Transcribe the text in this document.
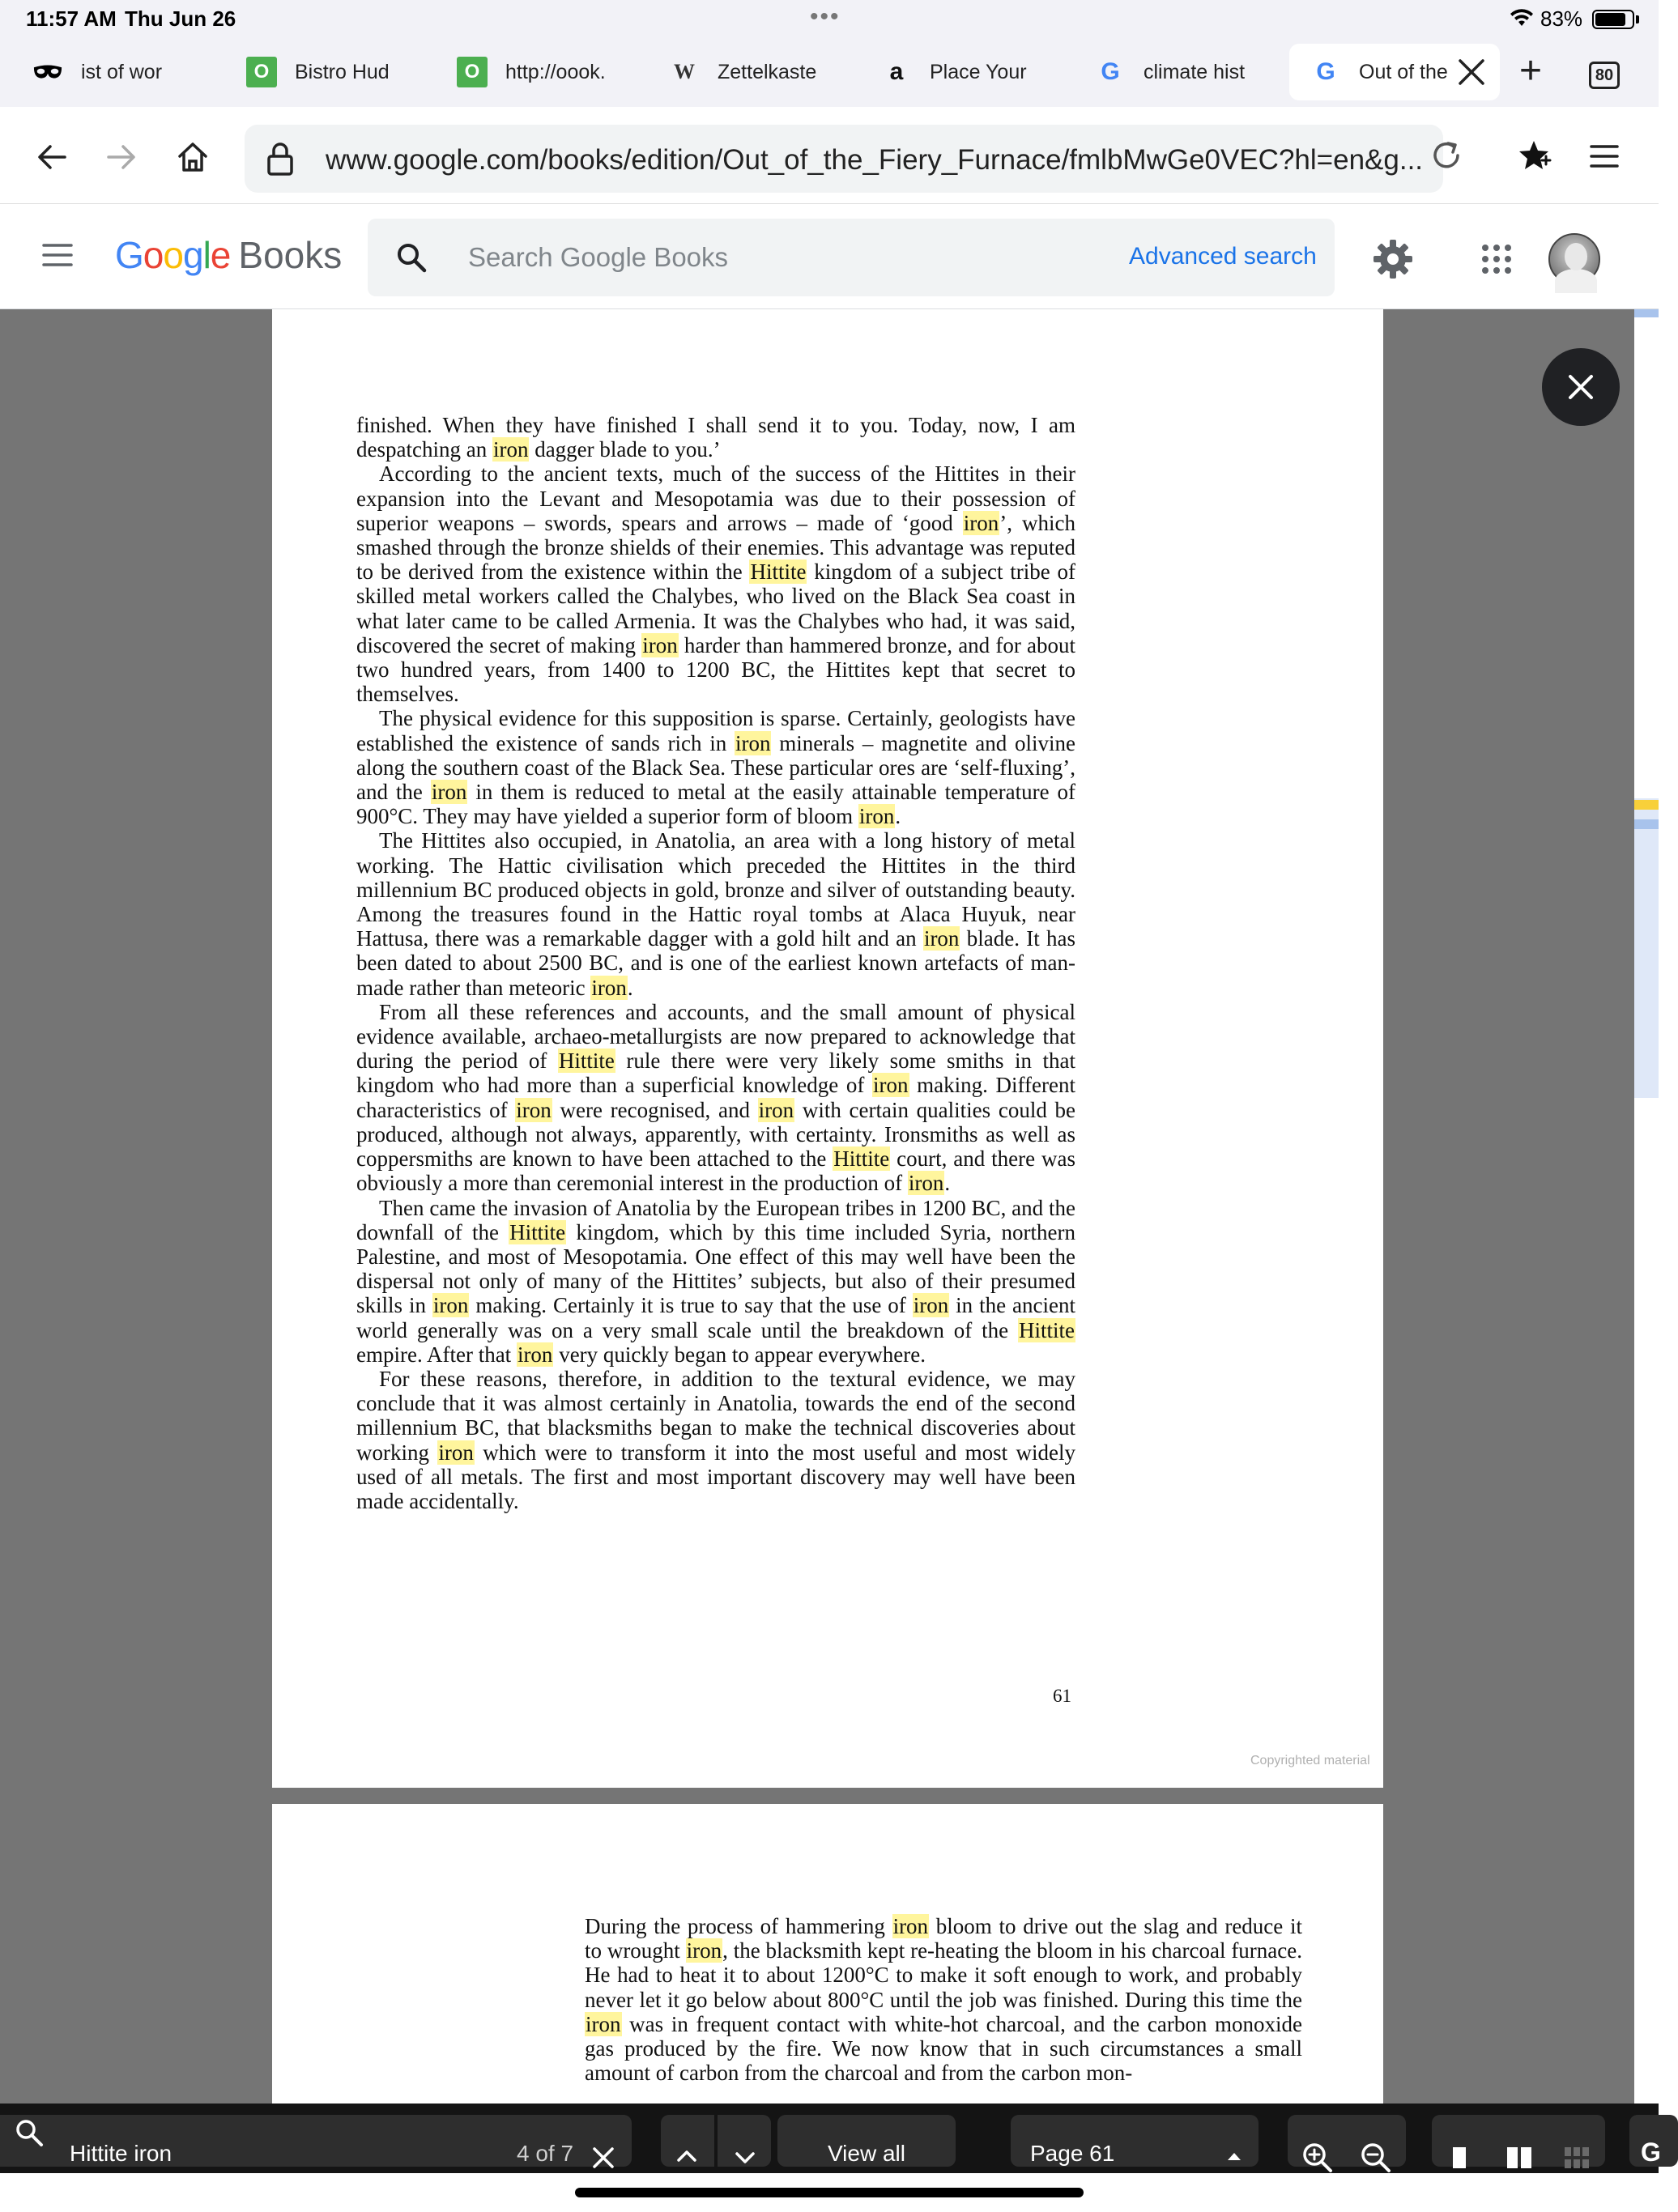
11:57 AM Thu Jun 26	•••	83%
ist of wor	O	Bistro Hud	O	http://oook.	W Zettelkaste	a	Place Your	G climate hist	G Out of the +	80
www.google.com/books/edition/Out_of_the_Fiery_Furnace/fmlbMwGe0VEC?hl=en&g...
Google Books
Search Google Books	Advanced search

finished. When they have finished I shall send it to you. Today, now, I am despatching an iron dagger blade to you.’

According to the ancient texts, much of the success of the Hittites in their expansion into the Levant and Mesopotamia was due to their possession of superior weapons – swords, spears and arrows – made of ‘good iron’, which smashed through the bronze shields of their enemies. This advantage was reputed to be derived from the existence within the Hittite kingdom of a subject tribe of skilled metal workers called the Chalybes, who lived on the Black Sea coast in what later came to be called Armenia. It was the Chalybes who had, it was said, discovered the secret of making iron harder than hammered bronze, and for about two hundred years, from 1400 to 1200 BC, the Hittites kept that secret to themselves.

The physical evidence for this supposition is sparse. Certainly, geologists have established the existence of sands rich in iron minerals – magnetite and olivine along the southern coast of the Black Sea. These particular ores are ‘self-fluxing’, and the iron in them is reduced to metal at the easily attainable temperature of 900°C. They may have yielded a superior form of bloom iron.

The Hittites also occupied, in Anatolia, an area with a long history of metal working. The Hattic civilisation which preceded the Hittites in the third millennium BC produced objects in gold, bronze and silver of outstanding beauty. Among the treasures found in the Hattic royal tombs at Alaca Huyuk, near Hattusa, there was a remarkable dagger with a gold hilt and an iron blade. It has been dated to about 2500 BC, and is one of the earliest known artefacts of man-made rather than meteoric iron.

From all these references and accounts, and the small amount of physical evidence available, archaeo-metallurgists are now prepared to acknowledge that during the period of Hittite rule there were very likely some smiths in that kingdom who had more than a superficial knowledge of iron making. Different characteristics of iron were recognised, and iron with certain qualities could be produced, although not always, apparently, with certainty. Ironsmiths as well as coppersmiths are known to have been attached to the Hittite court, and there was obviously a more than ceremonial interest in the production of iron.

Then came the invasion of Anatolia by the European tribes in 1200 BC, and the downfall of the Hittite kingdom, which by this time included Syria, northern Palestine, and most of Mesopotamia. One effect of this may well have been the dispersal not only of many of the Hittites’ subjects, but also of their presumed skills in iron making. Certainly it is true to say that the use of iron in the ancient world generally was on a very small scale until the breakdown of the Hittite empire. After that iron very quickly began to appear everywhere.

For these reasons, therefore, in addition to the textural evidence, we may conclude that it was almost certainly in Anatolia, towards the end of the second millennium BC, that blacksmiths began to make the technical discoveries about working iron which were to transform it into the most useful and most widely used of all metals. The first and most important discovery may well have been made accidentally.

61
Copyrighted material

During the process of hammering iron bloom to drive out the slag and reduce it to wrought iron, the blacksmith kept re-heating the bloom in his charcoal furnace. He had to heat it to about 1200°C to make it soft enough to work, and probably never let it go below about 800°C until the job was finished. During this time the iron was in frequent contact with white-hot charcoal, and the carbon monoxide gas produced by the fire. We now know that in such circumstances a small amount of carbon from the charcoal and from the carbon mon-

Hittite iron	4 of 7	View all	Page 61	G
